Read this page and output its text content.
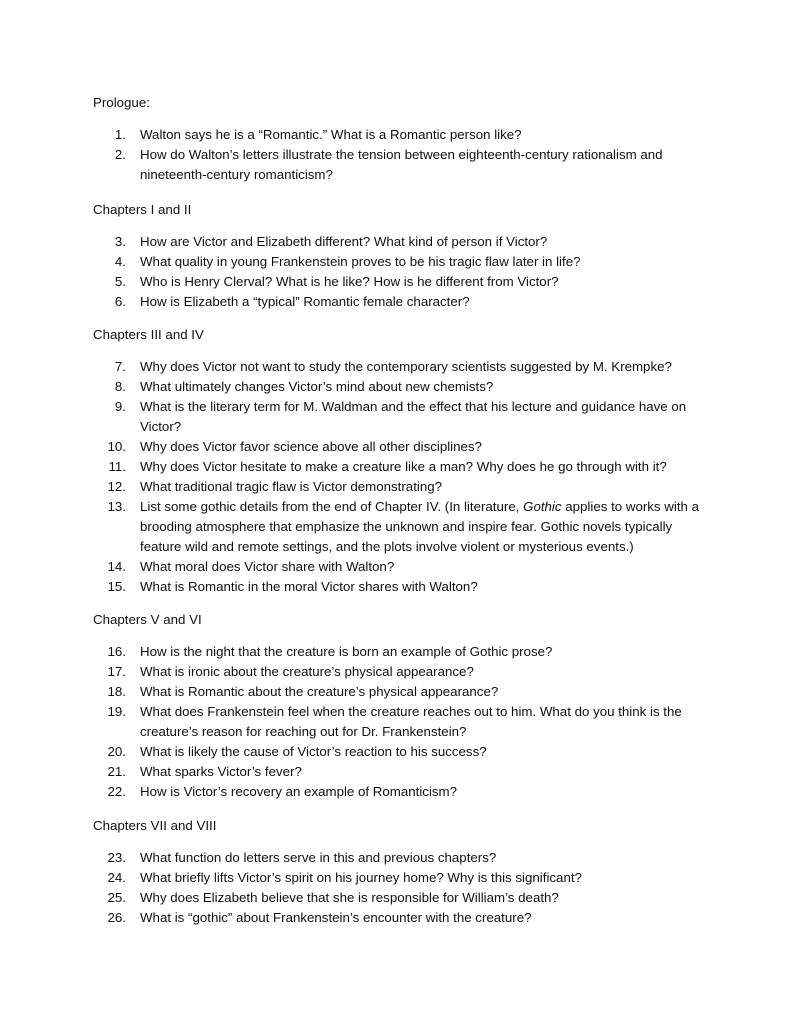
Prologue:
1. Walton says he is a “Romantic.” What is a Romantic person like?
2. How do Walton’s letters illustrate the tension between eighteenth-century rationalism and
nineteenth-century romanticism?
Chapters I and II
3. How are Victor and Elizabeth different? What kind of person if Victor?
4. What quality in young Frankenstein proves to be his tragic flaw later in life?
5. Who is Henry Clerval? What is he like? How is he different from Victor?
6. How is Elizabeth a “typical” Romantic female character?
Chapters III and IV
7. Why does Victor not want to study the contemporary scientists suggested by M. Krempke?
8. What ultimately changes Victor’s mind about new chemists?
9. What is the literary term for M. Waldman and the effect that his lecture and guidance have on
Victor?
10. Why does Victor favor science above all other disciplines?
11. Why does Victor hesitate to make a creature like a man? Why does he go through with it?
12. What traditional tragic flaw is Victor demonstrating?
13. List some gothic details from the end of Chapter IV. (In literature, Gothic applies to works with a
brooding atmosphere that emphasize the unknown and inspire fear. Gothic novels typically
feature wild and remote settings, and the plots involve violent or mysterious events.)
14. What moral does Victor share with Walton?
15. What is Romantic in the moral Victor shares with Walton?
Chapters V and VI
16. How is the night that the creature is born an example of Gothic prose?
17. What is ironic about the creature’s physical appearance?
18. What is Romantic about the creature’s physical appearance?
19. What does Frankenstein feel when the creature reaches out to him. What do you think is the
creature’s reason for reaching out for Dr. Frankenstein?
20. What is likely the cause of Victor’s reaction to his success?
21. What sparks Victor’s fever?
22. How is Victor’s recovery an example of Romanticism?
Chapters VII and VIII
23. What function do letters serve in this and previous chapters?
24. What briefly lifts Victor’s spirit on his journey home? Why is this significant?
25. Why does Elizabeth believe that she is responsible for William’s death?
26. What is “gothic” about Frankenstein’s encounter with the creature?
